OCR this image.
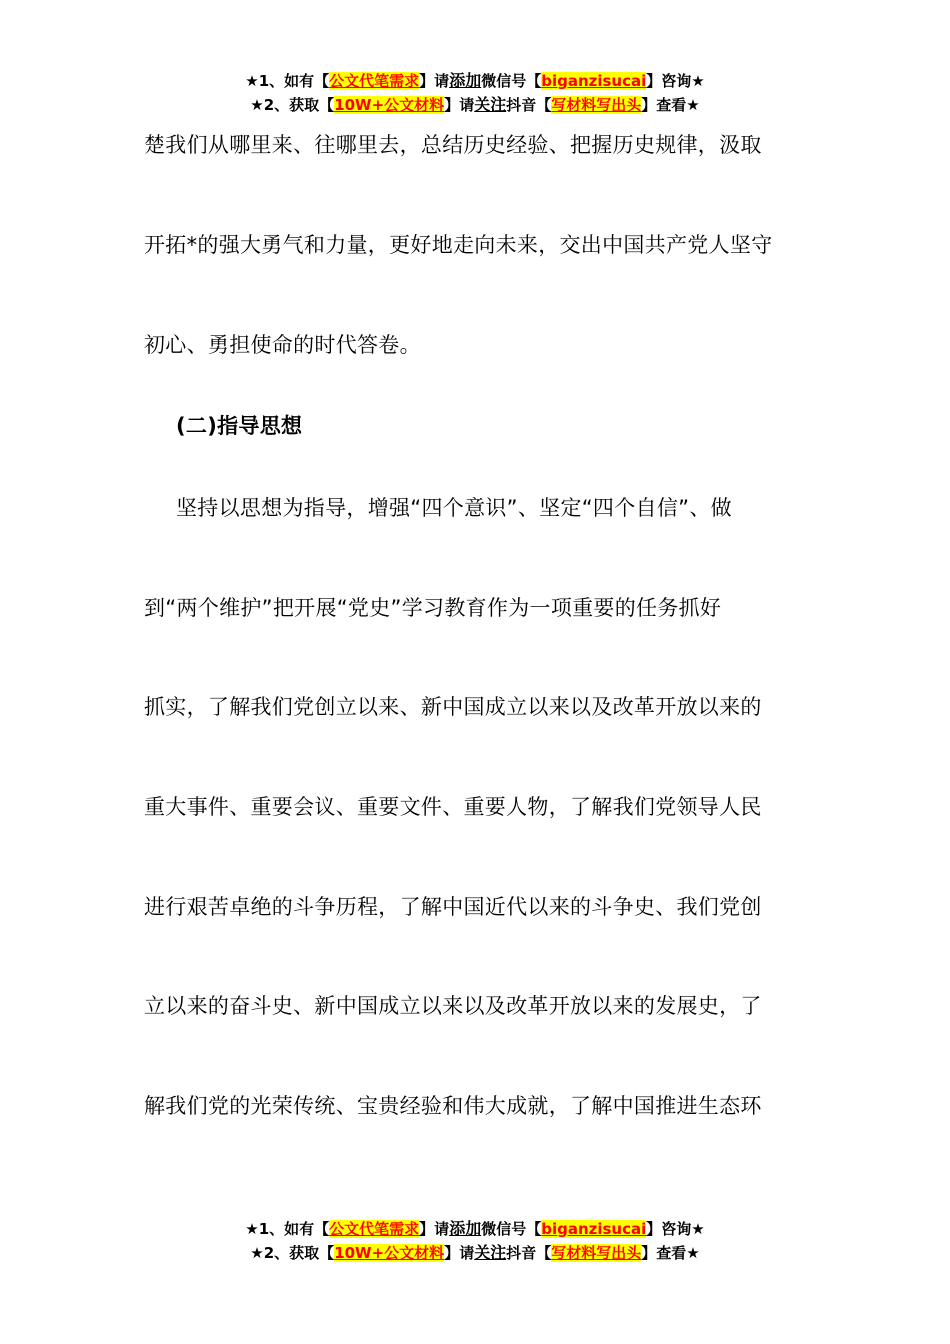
★1、如有【公文代笔需求】请添加微信号【biganzisucai】咨询★
★2、获取【10W+公文材料】请关注抖音【写材料写出头】查看★
楚我们从哪里来、往哪里去，总结历史经验、把握历史规律，汲取
开拓*的强大勇气和力量，更好地走向未来，交出中国共产党人坚守
初心、勇担使命的时代答卷。
(二)指导思想
坚持以思想为指导，增强“四个意识”、坚定“四个自信”、做
到“两个维护”把开展“党史”学习教育作为一项重要的任务抓好
抓实，了解我们党创立以来、新中国成立以来以及改革开放以来的
重大事件、重要会议、重要文件、重要人物，了解我们党领导人民
进行艰苦卓绝的斗争历程，了解中国近代以来的斗争史、我们党创
立以来的奋斗史、新中国成立以来以及改革开放以来的发展史，了
解我们党的光荣传统、宝贵经验和伟大成就，了解中国推进生态环
★1、如有【公文代笔需求】请添加微信号【biganzisucai】咨询★
★2、获取【10W+公文材料】请关注抖音【写材料写出头】查看★
